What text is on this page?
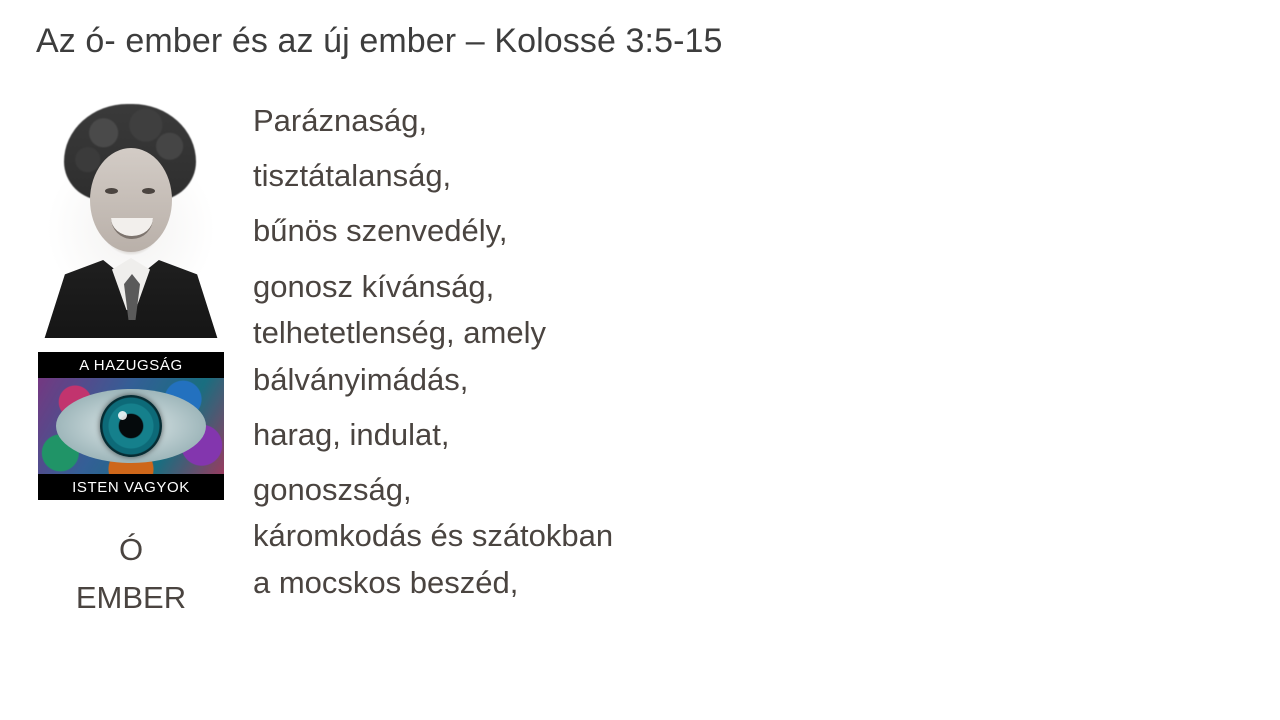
Az ó- ember és az új ember – Kolossé 3:5-15
A HAZUGSÁG
ISTEN VAGYOK
Ó
EMBER
Paráznaság,
tisztátalanság,
bűnös szenvedély,
gonosz kívánság,
telhetetlenség, amely
bálványimádás,
harag, indulat,
gonoszság,
káromkodás és szátokban
a mocskos beszéd,
